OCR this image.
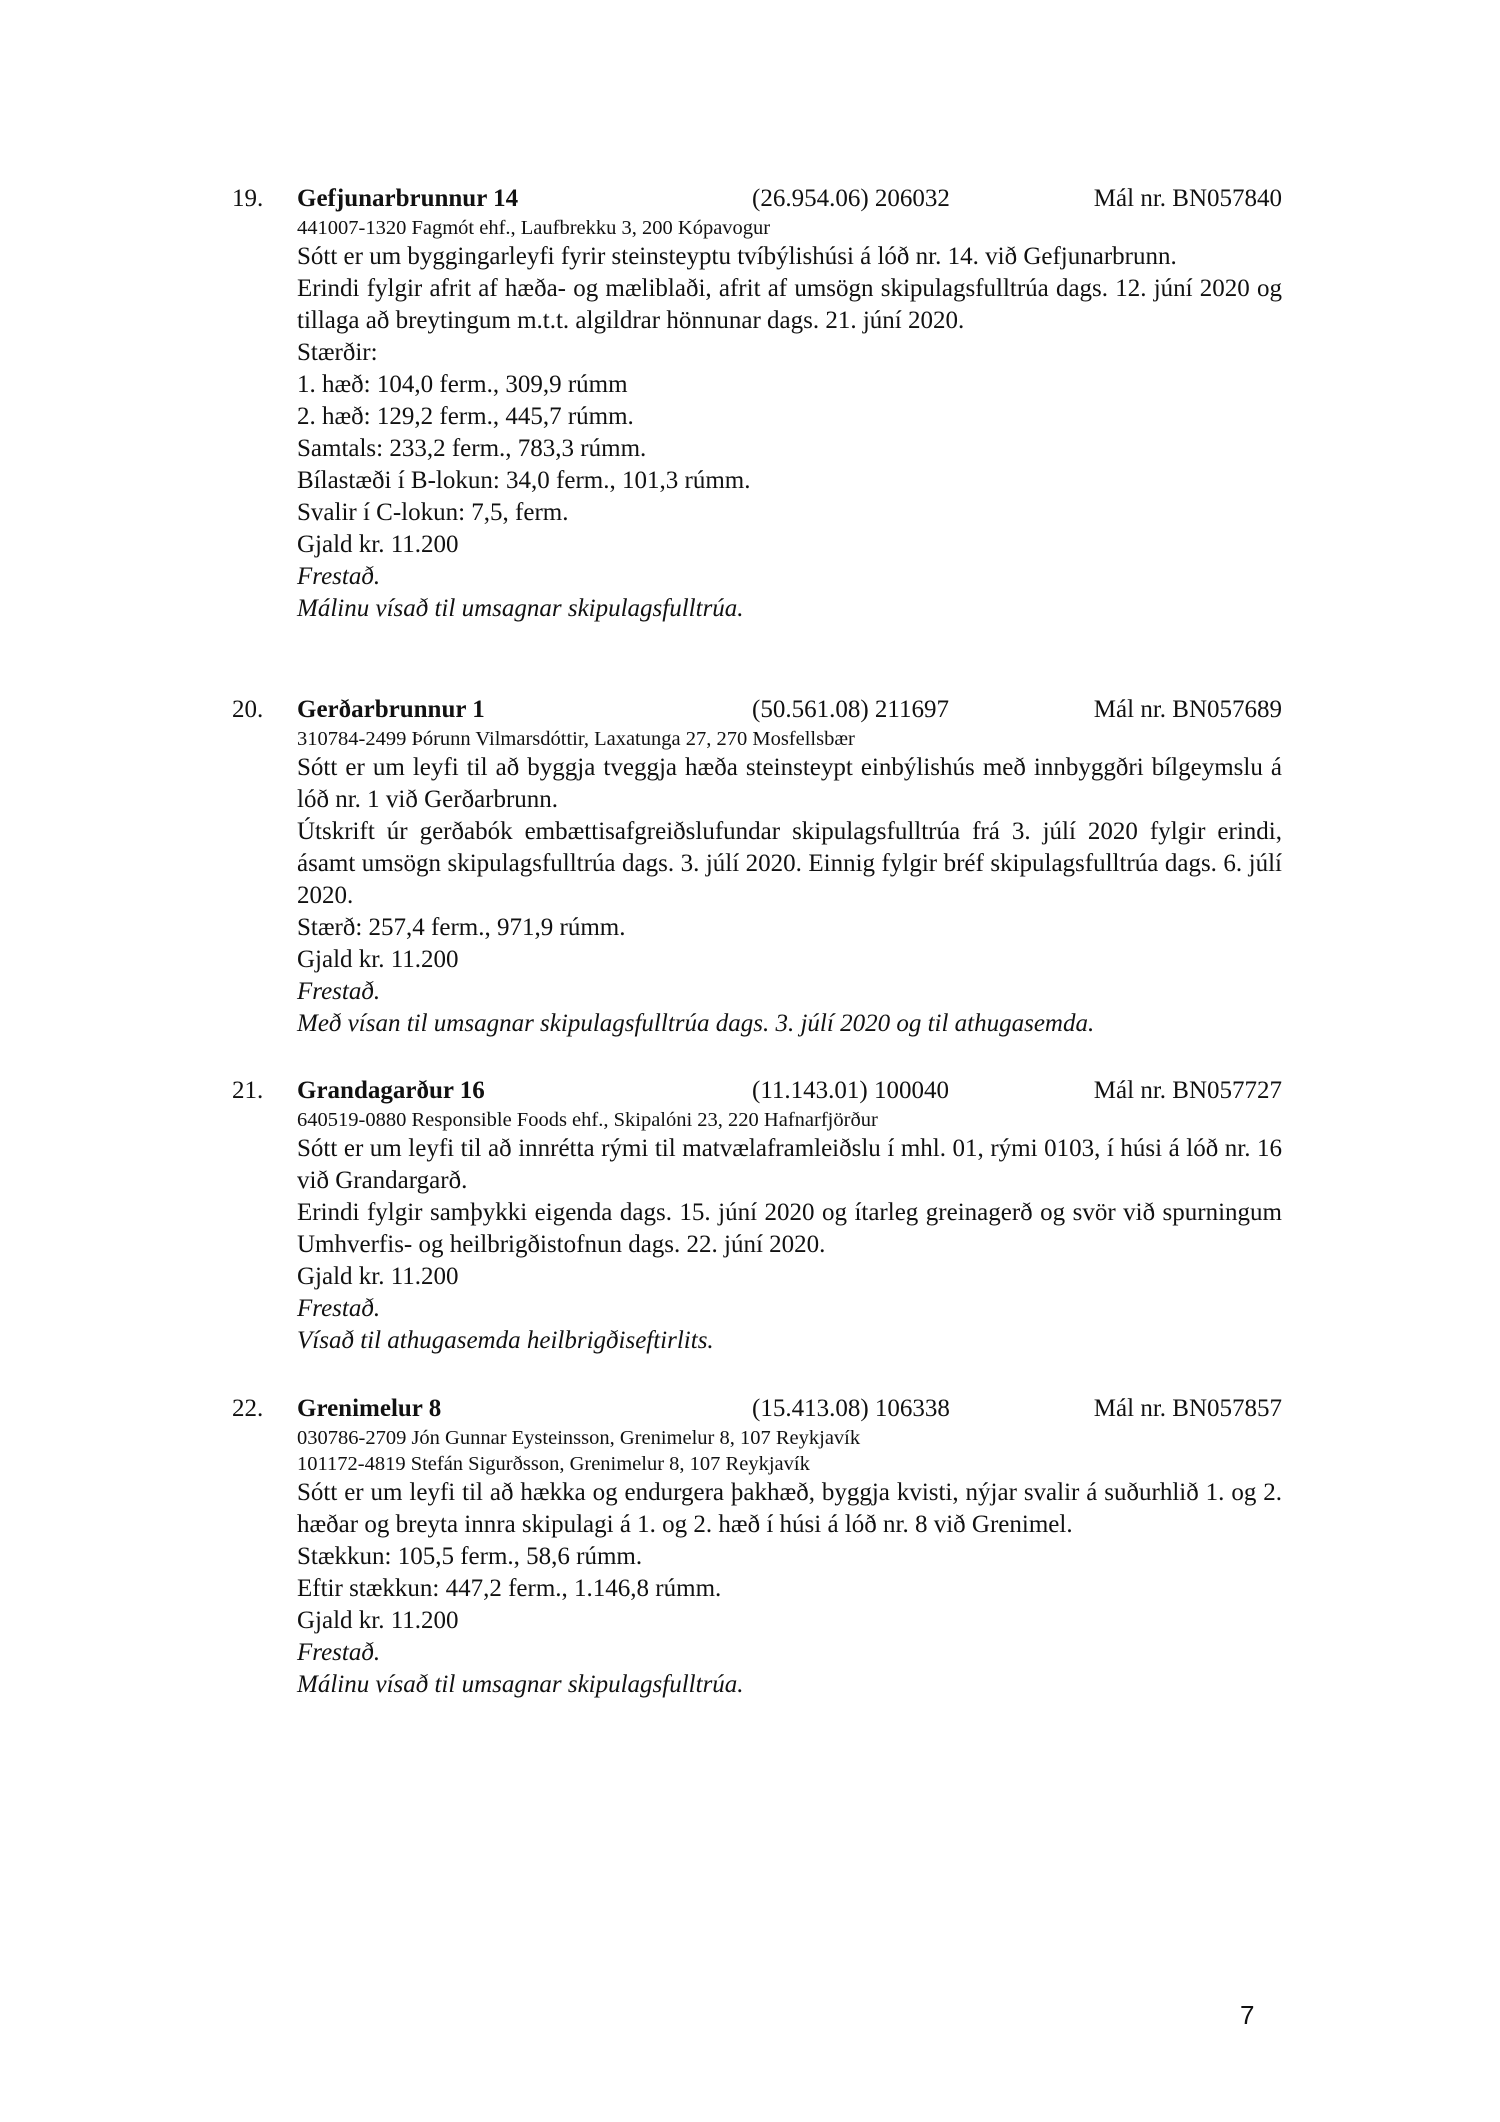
19. Gefjunarbrunnur 14	(26.954.06) 206032	Mál nr. BN057840
441007-1320 Fagmót ehf., Laufbrekku 3, 200 Kópavogur
Sótt er um byggingarleyfi fyrir steinsteyptu tvíbýlishúsi á lóð nr. 14. við Gefjunarbrunn.
Erindi fylgir afrit af hæða- og mæliblaði, afrit af umsögn skipulagsfulltrúa dags. 12. júní 2020 og tillaga að breytingum m.t.t. algildrar hönnunar dags. 21. júní 2020.
Stærðir:
1. hæð: 104,0 ferm., 309,9 rúmm
2. hæð: 129,2 ferm., 445,7 rúmm.
Samtals: 233,2 ferm., 783,3 rúmm.
Bílastæði í B-lokun: 34,0 ferm., 101,3 rúmm.
Svalir í C-lokun: 7,5, ferm.
Gjald kr. 11.200
Frestað.
Málinu vísað til umsagnar skipulagsfulltrúa.
20. Gerðarbrunnur 1	(50.561.08) 211697	Mál nr. BN057689
310784-2499 Þórunn Vilmarsdóttir, Laxatunga 27, 270 Mosfellsbær
Sótt er um leyfi til að byggja tveggja hæða steinsteypt einbýlishús með innbyggðri bílgeymslu á lóð nr. 1 við Gerðarbrunn.
Útskrift úr gerðabók embættisafgreiðslufundar skipulagsfulltrúa frá 3. júlí 2020 fylgir erindi, ásamt umsögn skipulagsfulltrúa dags. 3. júlí 2020. Einnig fylgir bréf skipulagsfulltrúa dags. 6. júlí 2020.
Stærð: 257,4 ferm., 971,9 rúmm.
Gjald kr. 11.200
Frestað.
Með vísan til umsagnar skipulagsfulltrúa dags. 3. júlí 2020 og til athugasemda.
21. Grandagarður 16	(11.143.01) 100040	Mál nr. BN057727
640519-0880 Responsible Foods ehf., Skipalóni 23, 220 Hafnarfjörður
Sótt er um leyfi til að innrétta rými til matvælaframleiðslu í mhl. 01, rými 0103, í húsi á lóð nr. 16 við Grandargarð.
Erindi fylgir samþykki eigenda dags. 15. júní 2020 og ítarleg greinagerð og svör við spurningum Umhverfis- og heilbrigðistofnun dags. 22. júní 2020.
Gjald kr. 11.200
Frestað.
Vísað til athugasemda heilbrigðiseftirlits.
22. Grenimelur 8	(15.413.08) 106338	Mál nr. BN057857
030786-2709 Jón Gunnar Eysteinsson, Grenimelur 8, 107 Reykjavík
101172-4819 Stefán Sigurðsson, Grenimelur 8, 107 Reykjavík
Sótt er um leyfi til að hækka og endurgera þakhæð, byggja kvisti, nýjar svalir á suðurhlið 1. og 2. hæðar og breyta innra skipulagi á 1. og 2. hæð í húsi á lóð nr. 8 við Grenimel.
Stækkun: 105,5 ferm., 58,6 rúmm.
Eftir stækkun: 447,2 ferm., 1.146,8 rúmm.
Gjald kr. 11.200
Frestað.
Málinu vísað til umsagnar skipulagsfulltrúa.
7
